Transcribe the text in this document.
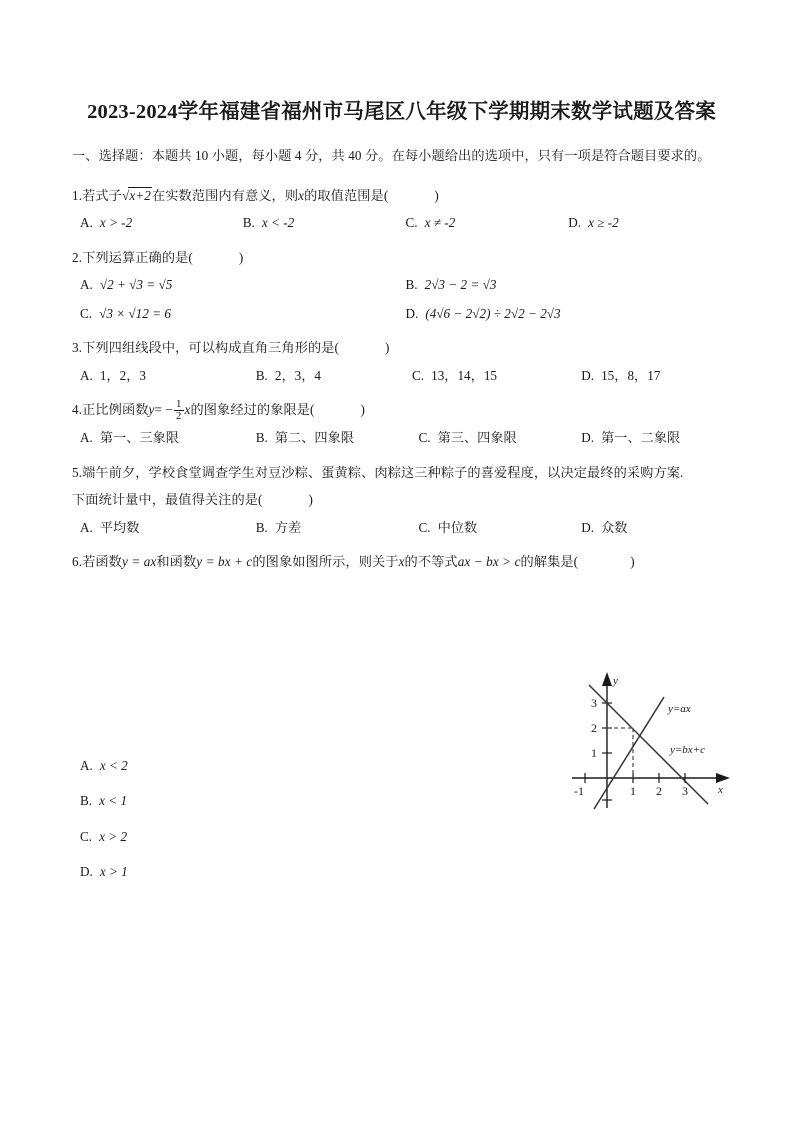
2023-2024学年福建省福州市马尾区八年级下学期期末数学试题及答案

一、选择题：本题共 10 小题，每小题 4 分，共 40 分。在每小题给出的选项中，只有一项是符合题目要求的。

1.若式子√x+2在实数范围内有意义，则x的取值范围是(	)
A. x > -2	B. x < -2	C. x ≠ -2	D. x ≥ -2
2.下列运算正确的是(	)
A. √2 + √3 = √5	B. 2√3 − 2 = √3
C. √3 × √12 = 6	D. (4√6 − 2√2) ÷ 2√2 − 2√3
3.下列四组线段中，可以构成直角三角形的是(	)
A. 1，2，3	B. 2，3，4	C. 13，14，15	D. 15，8，17
4.正比例函数$y= - \frac{1}{2}$ x的图象经过的象限是(	)
A. 第一、三象限	B. 第二、四象限	C. 第三、四象限	D. 第一、二象限
5.端午前夕，学校食堂调查学生对豆沙粽、蛋黄粽、肉粽这三种粽子的喜爱程度，以决定最终的采购方案.
下面统计量中，最值得关注的是(	)
A. 平均数	B. 方差	C. 中位数	D. 众数
6.若函数y = ax和函数y = bx + c的图象如图所示，则关于x的不等式ax − bx > c的解集是(	)
A. x < 2
B. x < 1
C. x > 2
D. x > 1
-1	1 2 3
1
2
3
y
x
y=ax
y=bx+c
